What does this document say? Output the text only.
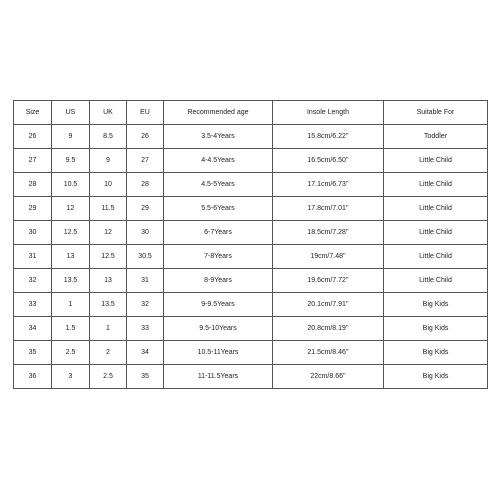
Size	US	UK	EU	Recommended age	Insole Length	Suitable For
26	9	8.5	26	3.5-4Years	15.8cm/6.22''	Toddler
27	9.5	9	27	4-4.5Years	16.5cm/6.50''	Little Child
28	10.5	10	28	4.5-5Years	17.1cm/6.73''	Little Child
29	12	11.5	29	5.5-6Years	17.8cm/7.01''	Little Child
30	12.5	12	30	6-7Years	18.5cm/7.28''	Little Child
31	13	12.5	30.5	7-8Years	19cm/7.48''	Little Child
32	13.5	13	31	8-9Years	19.6cm/7.72''	Little Child
33	1	13.5	32	9-9.5Years	20.1cm/7.91''	Big Kids
34	1.5	1	33	9.5-10Years	20.8cm/8.19''	Big Kids
35	2.5	2	34	10.5-11Years	21.5cm/8.46''	Big Kids
36	3	2.5	35	11-11.5Years	22cm/8.66''	Big Kids
